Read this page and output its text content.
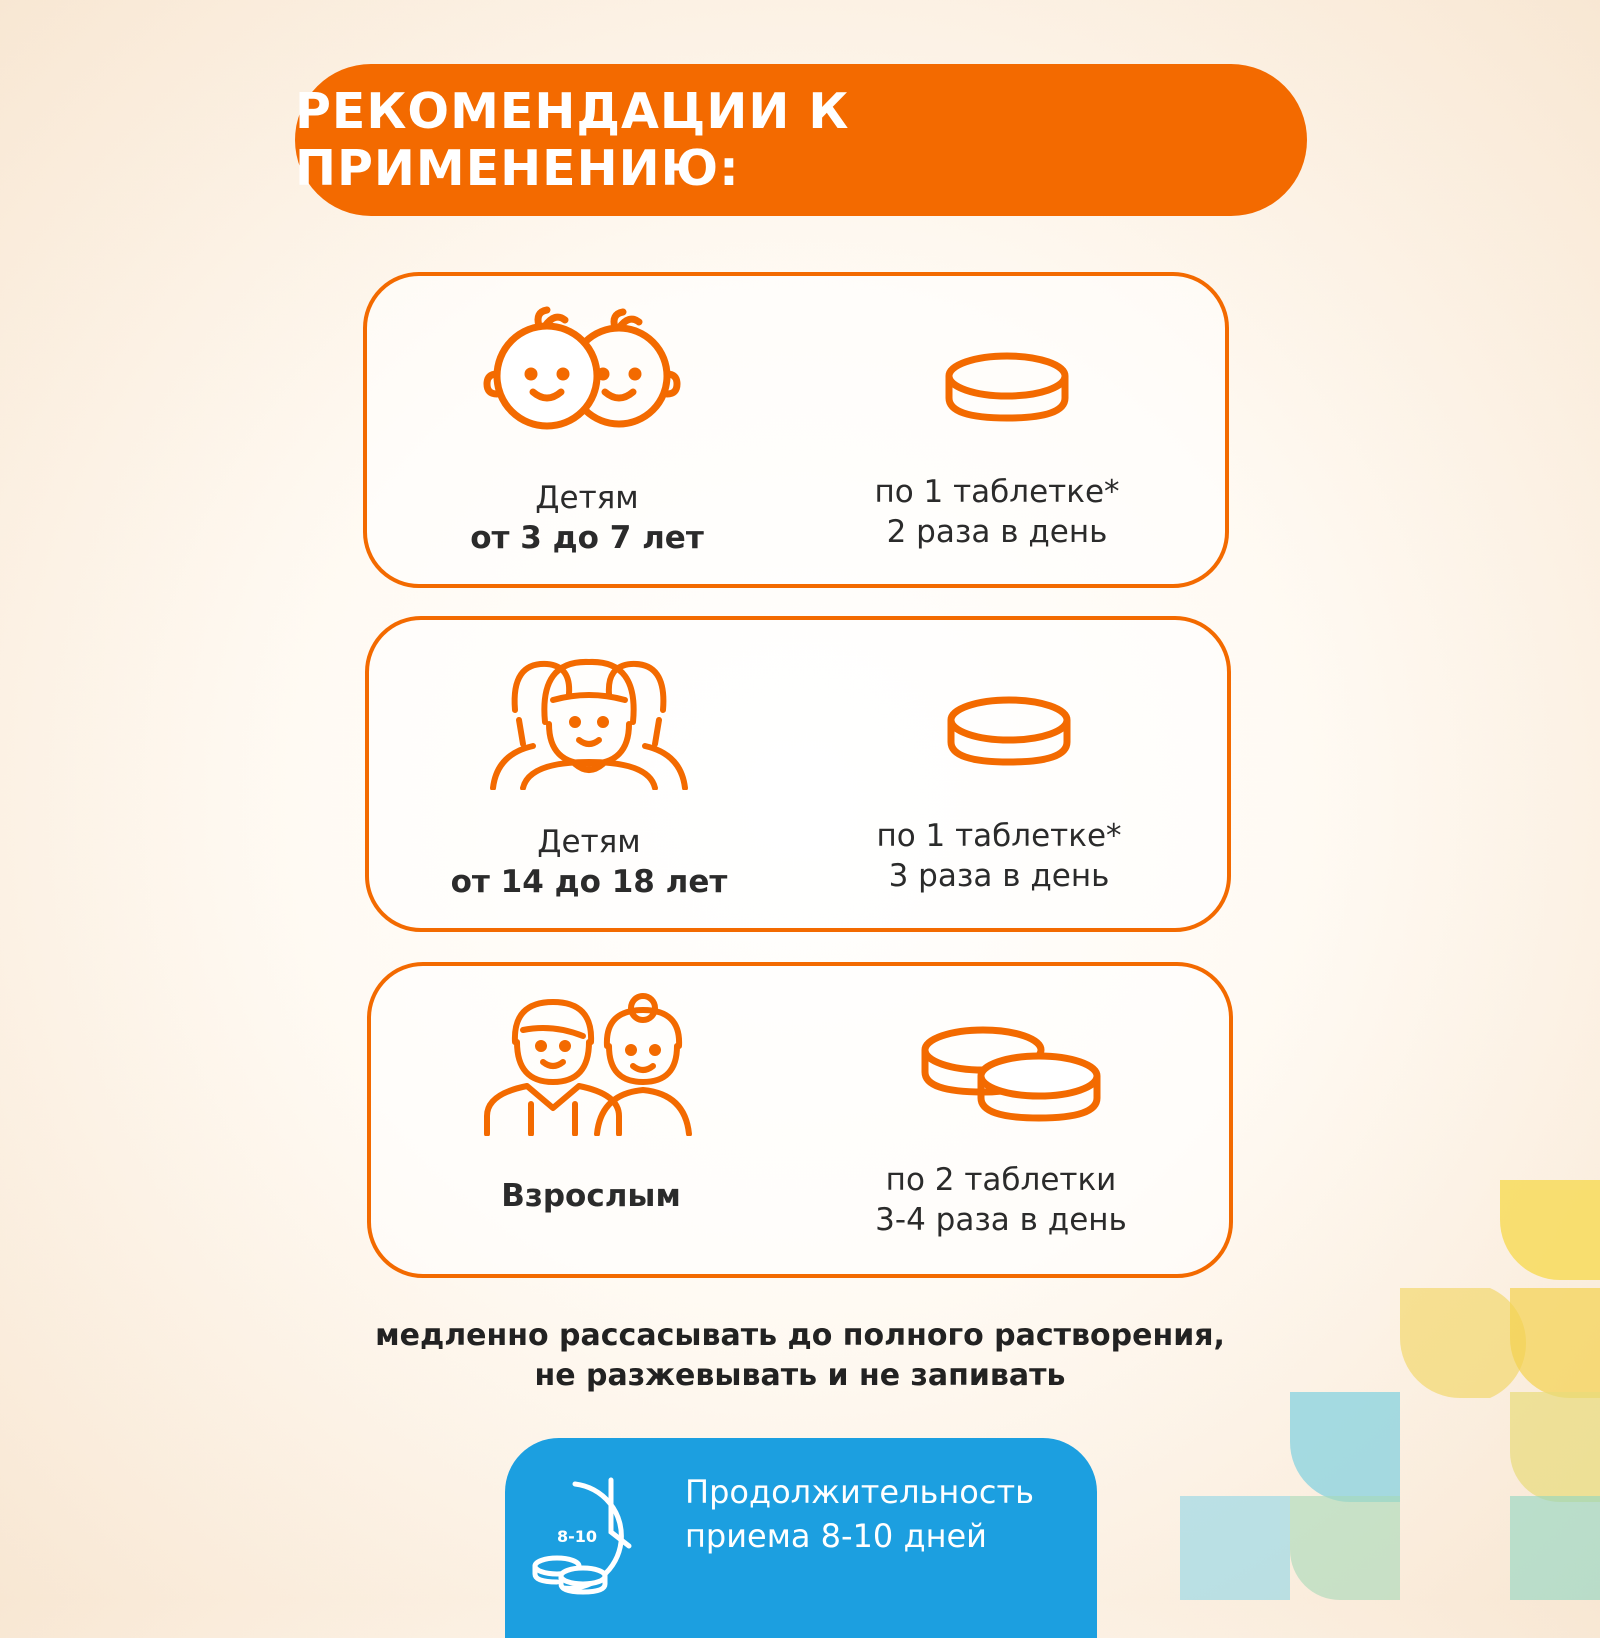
РЕКОМЕНДАЦИИ К ПРИМЕНЕНИЮ:
Детям
от 3 до 7 лет
по 1 таблетке*
2 раза в день
Детям
от 14 до 18 лет
по 1 таблетке*
3 раза в день
Взрослым	по 2 таблетки
3-4 раза в день
медленно рассасывать до полного растворения,
не разжевывать и не запивать
8-10
Продолжительность
приема 8-10 дней
